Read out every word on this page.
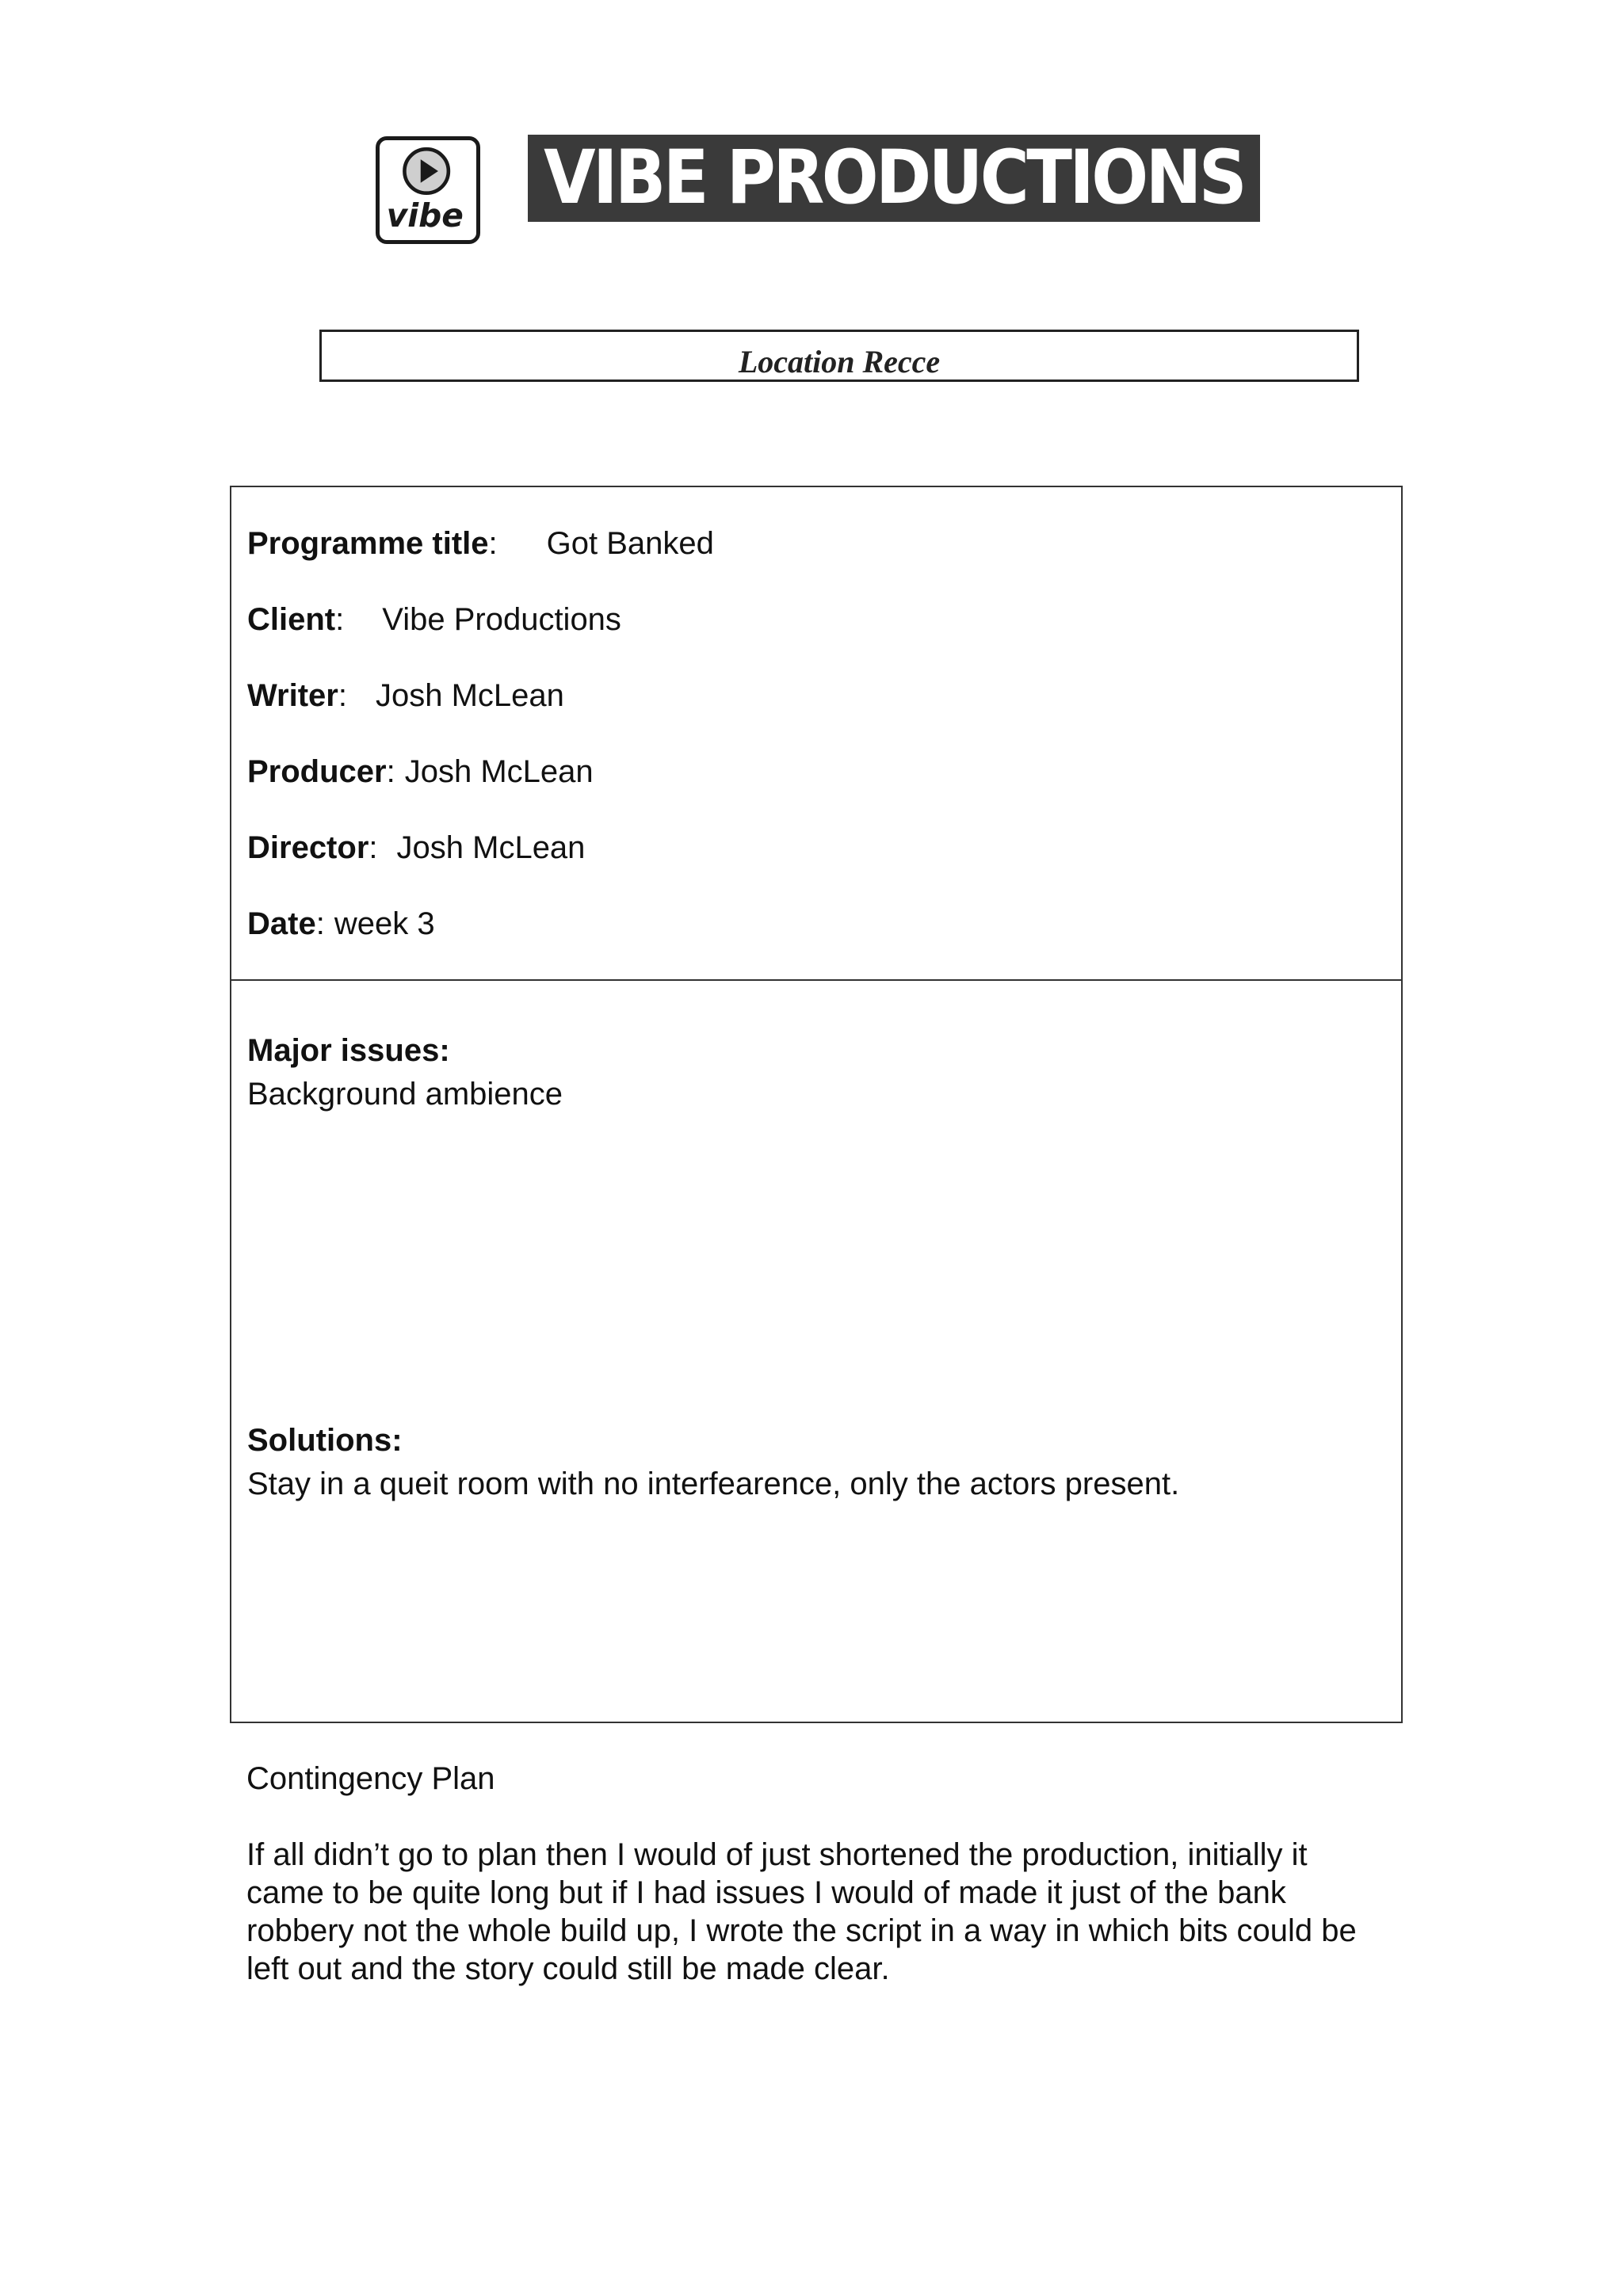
vibe VIBE PRODUCTIONS
Location Recce
Programme title: Got Banked
Client: Vibe Productions
Writer: Josh McLean
Producer: Josh McLean
Director: Josh McLean
Date: week 3
Major issues:
Background ambience
Solutions:
Stay in a queit room with no interfearence, only the actors present.
Contingency Plan
If all didn’t go to plan then I would of just shortened the production, initially it came to be quite long but if I had issues I would of made it just of the bank robbery not the whole build up, I wrote the script in a way in which bits could be left out and the story could still be made clear.
